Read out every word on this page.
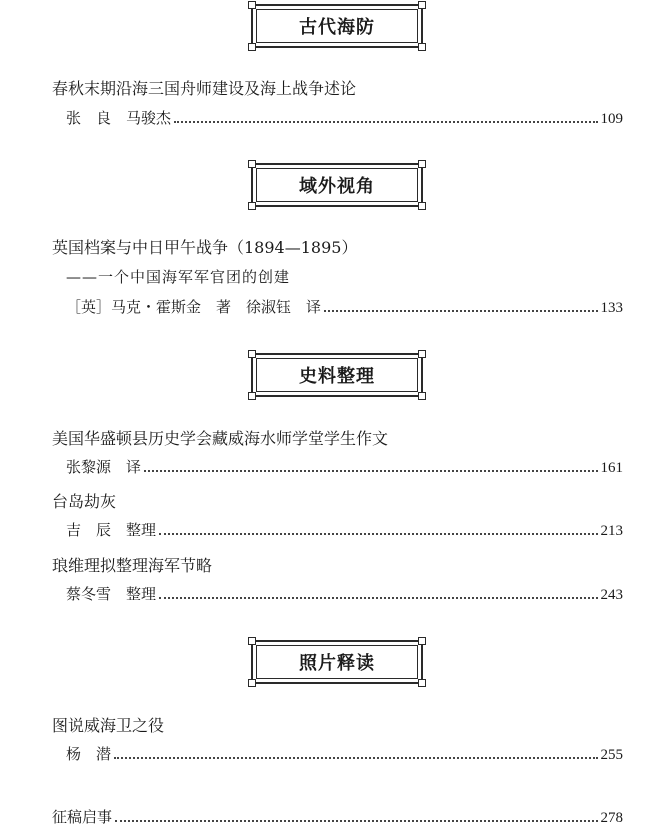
古代海防
春秋末期沿海三国舟师建设及海上战争述论
张　良　马骏杰	109
域外视角
英国档案与中日甲午战争（1894—1895）
——一个中国海军军官团的创建
［英］马克・霍斯金　著　徐淑钰　译	133
史料整理
美国华盛顿县历史学会藏威海水师学堂学生作文
张黎源　译	161
台岛劫灰
吉　辰　整理	213
琅维理拟整理海军节略
蔡冬雪　整理	243
照片释读
图说威海卫之役
杨　潜	255
征稿启事	278
